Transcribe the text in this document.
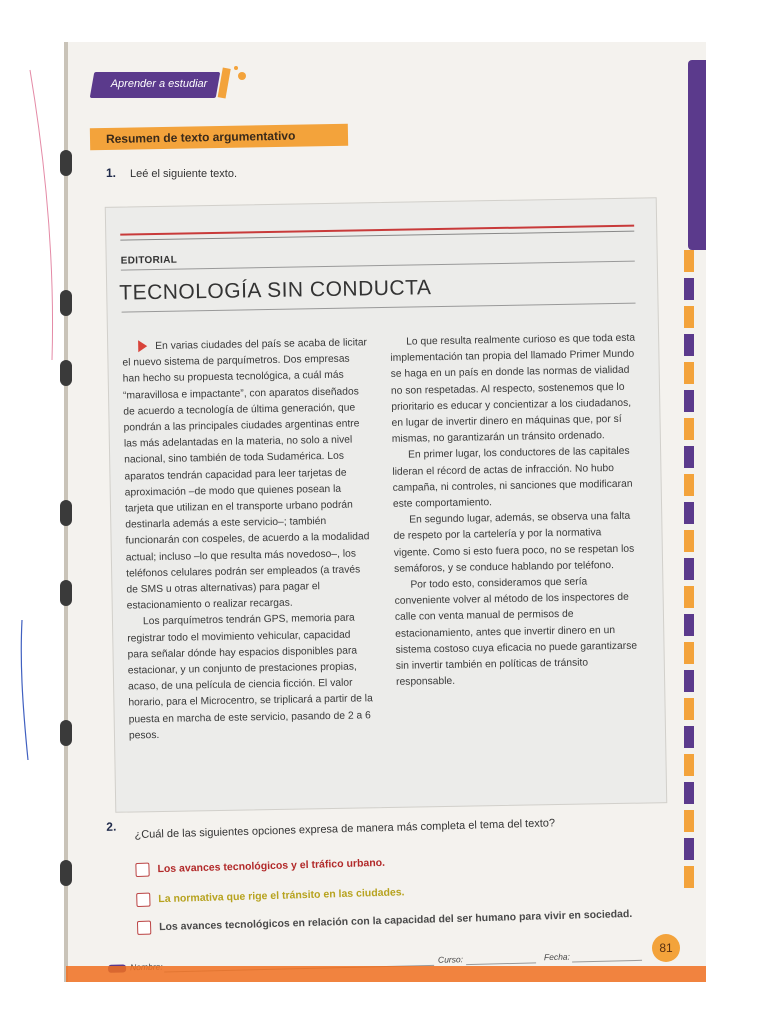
Aprender a estudiar
Resumen de texto argumentativo
1. Leé el siguiente texto.
EDITORIAL
TECNOLOGÍA SIN CONDUCTA

En varias ciudades del país se acaba de licitar el nuevo sistema de parquímetros. Dos empresas han hecho su propuesta tecnológica, a cuál más “maravillosa e impactante”, con aparatos diseñados de acuerdo a tecnología de última generación, que pondrán a las principales ciudades argentinas entre las más adelantadas en la materia, no solo a nivel nacional, sino también de toda Sudamérica. Los aparatos tendrán capacidad para leer tarjetas de aproximación –de modo que quienes posean la tarjeta que utilizan en el transporte urbano podrán destinarla además a este servicio–; también funcionarán con cospeles, de acuerdo a la modalidad actual; incluso –lo que resulta más novedoso–, los teléfonos celulares podrán ser empleados (a través de SMS u otras alternativas) para pagar el estacionamiento o realizar recargas.

Los parquímetros tendrán GPS, memoria para registrar todo el movimiento vehicular, capacidad para señalar dónde hay espacios disponibles para estacionar, y un conjunto de prestaciones propias, acaso, de una película de ciencia ficción. El valor horario, para el Microcentro, se triplicará a partir de la puesta en marcha de este servicio, pasando de 2 a 6 pesos.

Lo que resulta realmente curioso es que toda esta implementación tan propia del llamado Primer Mundo se haga en un país en donde las normas de vialidad no son respetadas. Al respecto, sostenemos que lo prioritario es educar y concientizar a los ciudadanos, en lugar de invertir dinero en máquinas que, por sí mismas, no garantizarán un tránsito ordenado.

En primer lugar, los conductores de las capitales lideran el récord de actas de infracción. No hubo campaña, ni controles, ni sanciones que modificaran este comportamiento.

En segundo lugar, además, se observa una falta de respeto por la cartelería y por la normativa vigente. Como si esto fuera poco, no se respetan los semáforos, y se conduce hablando por teléfono.

Por todo esto, consideramos que sería conveniente volver al método de los inspectores de calle con venta manual de permisos de estacionamiento, antes que invertir dinero en un sistema costoso cuya eficacia no puede garantizarse sin invertir también en políticas de tránsito responsable.

2. ¿Cuál de las siguientes opciones expresa de manera más completa el tema del texto?
Los avances tecnológicos y el tráfico urbano.
La normativa que rige el tránsito en las ciudades.
Los avances tecnológicos en relación con la capacidad del ser humano para vivir en sociedad.
Curso:	Fecha:
81
